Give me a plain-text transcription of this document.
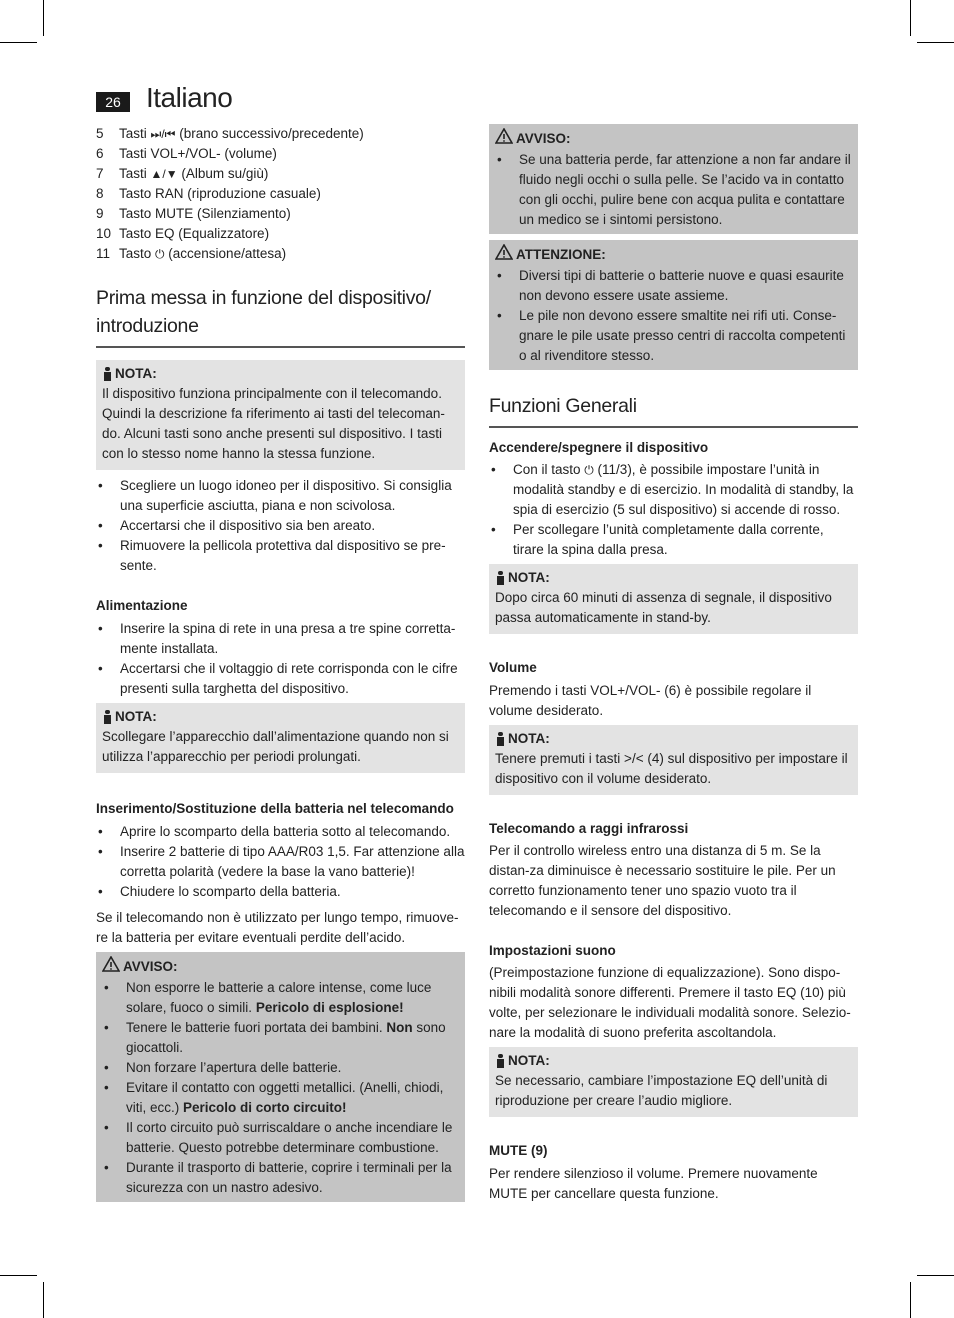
26 Italiano
5	Tasti ⏭/⏮ (brano successivo/precedente)
6	Tasti VOL+/VOL- (volume)
7	Tasti ▲/▼ (Album su/giù)
8	Tasto RAN (riproduzione casuale)
9	Tasto MUTE (Silenziamento)
10 Tasto EQ (Equalizzatore)
11 Tasto ⏻ (accensione/attesa)
Prima messa in funzione del dispositivo/ introduzione
NOTA:

Il dispositivo funziona principalmente con il telecomando. Quindi la descrizione fa riferimento ai tasti del telecoman-do. Alcuni tasti sono anche presenti sul dispositivo. I tasti con lo stesso nome hanno la stessa funzione.

• Scegliere un luogo idoneo per il dispositivo. Si consiglia una superficie asciutta, piana e non scivolosa.
• Accertarsi che il dispositivo sia ben areato.
• Rimuovere la pellicola protettiva dal dispositivo se pre-sente.
Alimentazione
• Inserire la spina di rete in una presa a tre spine corretta-mente installata.
• Accertarsi che il voltaggio di rete corrisponda con le cifre presenti sulla targhetta del dispositivo.
NOTA:

Scollegare l’apparecchio dall’alimentazione quando non si utilizza l’apparecchio per periodi prolungati.

Inserimento/Sostituzione della batteria nel telecomando
• Aprire lo scomparto della batteria sotto al telecomando.
• Inserire 2 batterie di tipo AAA/R03 1,5. Far attenzione alla corretta polarità (vedere la base la vano batterie)!
• Chiudere lo scomparto della batteria.

Se il telecomando non è utilizzato per lungo tempo, rimuove-re la batteria per evitare eventuali perdite dell’acido.

AVVISO:
• Non esporre le batterie a calore intense, come luce solare, fuoco o simili. Pericolo di esplosione!
• Tenere le batterie fuori portata dei bambini. Non sono giocattoli.
• Non forzare l’apertura delle batterie.
• Evitare il contatto con oggetti metallici. (Anelli, chiodi, viti, ecc.) Pericolo di corto circuito!
• Il corto circuito può surriscaldare o anche incendiare le batterie. Questo potrebbe determinare combustione.
• Durante il trasporto di batterie, coprire i terminali per la sicurezza con un nastro adesivo.
AVVISO:
• Se una batteria perde, far attenzione a non far andare il fluido negli occhi o sulla pelle. Se l’acido va in contatto con gli occhi, pulire bene con acqua pulita e contattare un medico se i sintomi persistono.
ATTENZIONE:
• Diversi tipi di batterie o batterie nuove e quasi esaurite non devono essere usate assieme.
• Le pile non devono essere smaltite nei rifi uti. Conse-gnare le pile usate presso centri di raccolta competenti o al rivenditore stesso.
Funzioni Generali
Accendere/spegnere il dispositivo
• Con il tasto ⏻ (11/3), è possibile impostare l’unità in modalità standby e di esercizio. In modalità di standby, la spia di esercizio (5 sul dispositivo) si accende di rosso.
• Per scollegare l’unità completamente dalla corrente, tirare la spina dalla presa.
NOTA:

Dopo circa 60 minuti di assenza di segnale, il dispositivo passa automaticamente in stand-by.

Volume

Premendo i tasti VOL+/VOL- (6) è possibile regolare il volume desiderato.

NOTA:

Tenere premuti i tasti >/< (4) sul dispositivo per impostare il dispositivo con il volume desiderato.

Telecomando a raggi infrarossi

Per il controllo wireless entro una distanza di 5 m. Se la distan-za diminuisce è necessario sostituire le pile. Per un corretto funzionamento tener uno spazio vuoto tra il telecomando e il sensore del dispositivo.

Impostazioni suono

(Preimpostazione funzione di equalizzazione). Sono dispo-nibili modalità sonore differenti. Premere il tasto EQ (10) più volte, per selezionare le individuali modalità sonore. Selezio-nare la modalità di suono preferita ascoltandola.

NOTA:

Se necessario, cambiare l’impostazione EQ dell’unità di riproduzione per creare l’audio migliore.

MUTE (9)

Per rendere silenzioso il volume. Premere nuovamente MUTE per cancellare questa funzione.
